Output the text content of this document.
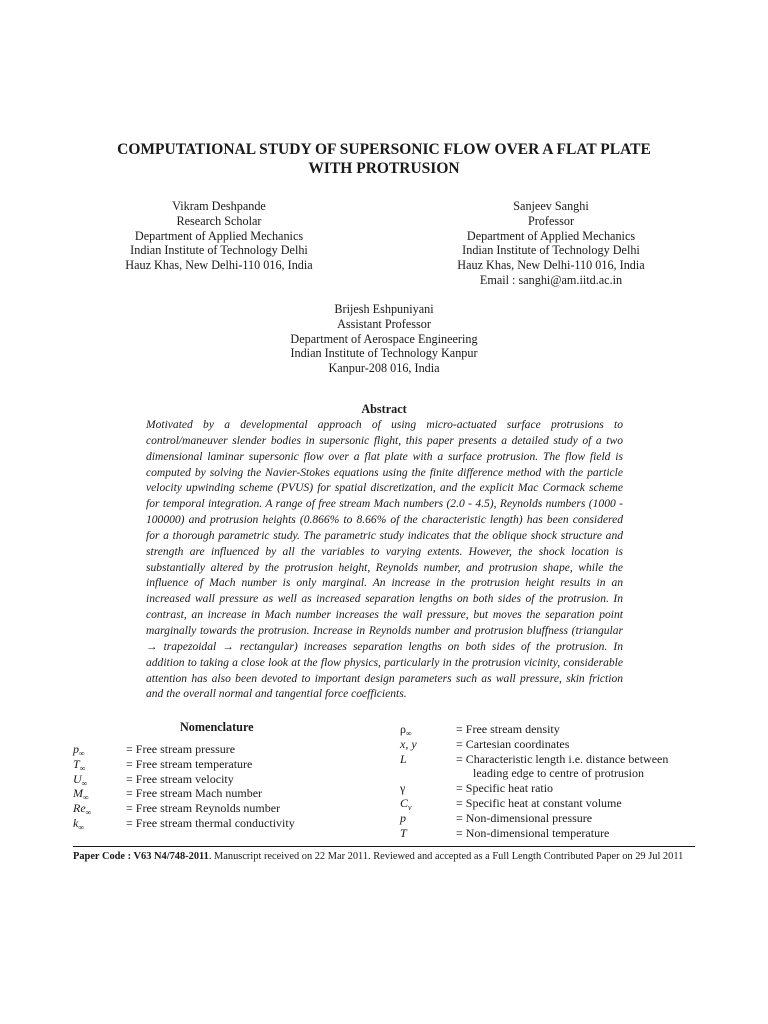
COMPUTATIONAL STUDY OF SUPERSONIC FLOW OVER A FLAT PLATE
WITH PROTRUSION
Vikram Deshpande
Research Scholar
Department of Applied Mechanics
Indian Institute of Technology Delhi
Hauz Khas, New Delhi-110 016, India
Sanjeev Sanghi
Professor
Department of Applied Mechanics
Indian Institute of Technology Delhi
Hauz Khas, New Delhi-110 016, India
Email : sanghi@am.iitd.ac.in
Brijesh Eshpuniyani
Assistant Professor
Department of Aerospace Engineering
Indian Institute of Technology Kanpur
Kanpur-208 016, India
Abstract

Motivated by a developmental approach of using micro-actuated surface protrusions to control/maneuver slender bodies in supersonic flight, this paper presents a detailed study of a two dimensional laminar supersonic flow over a flat plate with a surface protrusion. The flow field is computed by solving the Navier-Stokes equations using the finite difference method with the particle velocity upwinding scheme (PVUS) for spatial discretization, and the explicit Mac Cormack scheme for temporal integration. A range of free stream Mach numbers (2.0 - 4.5), Reynolds numbers (1000 - 100000) and protrusion heights (0.866% to 8.66% of the characteristic length) has been considered for a thorough parametric study. The parametric study indicates that the oblique shock structure and strength are influenced by all the variables to varying extents. However, the shock location is substantially altered by the protrusion height, Reynolds number, and protrusion shape, while the influence of Mach number is only marginal. An increase in the protrusion height results in an increased wall pressure as well as increased separation lengths on both sides of the protrusion. In contrast, an increase in Mach number increases the wall pressure, but moves the separation point marginally towards the protrusion. Increase in Reynolds number and protrusion bluffness (triangular → trapezoidal → rectangular) increases separation lengths on both sides of the protrusion. In addition to taking a close look at the flow physics, particularly in the protrusion vicinity, considerable attention has also been devoted to important design parameters such as wall pressure, skin friction and the overall normal and tangential force coefficients.

Nomenclature
$p_\infty$	= Free stream pressure
$T_\infty$	= Free stream temperature
$U_\infty$	= Free stream velocity
$M_\infty$	= Free stream Mach number
$Re_\infty$	= Free stream Reynolds number
$k_\infty$	= Free stream thermal conductivity
$\rho_\infty$	= Free stream density
x, y	= Cartesian coordinates
L	= Characteristic length i.e. distance between
leading edge to centre of protrusion
γ	= Specific heat ratio
$C_v$	= Specific heat at constant volume
p	= Non-dimensional pressure
T	= Non-dimensional temperature
Paper Code : V63 N4/748-2011. Manuscript received on 22 Mar 2011. Reviewed and accepted as a Full Length Contributed Paper on 29 Jul 2011
